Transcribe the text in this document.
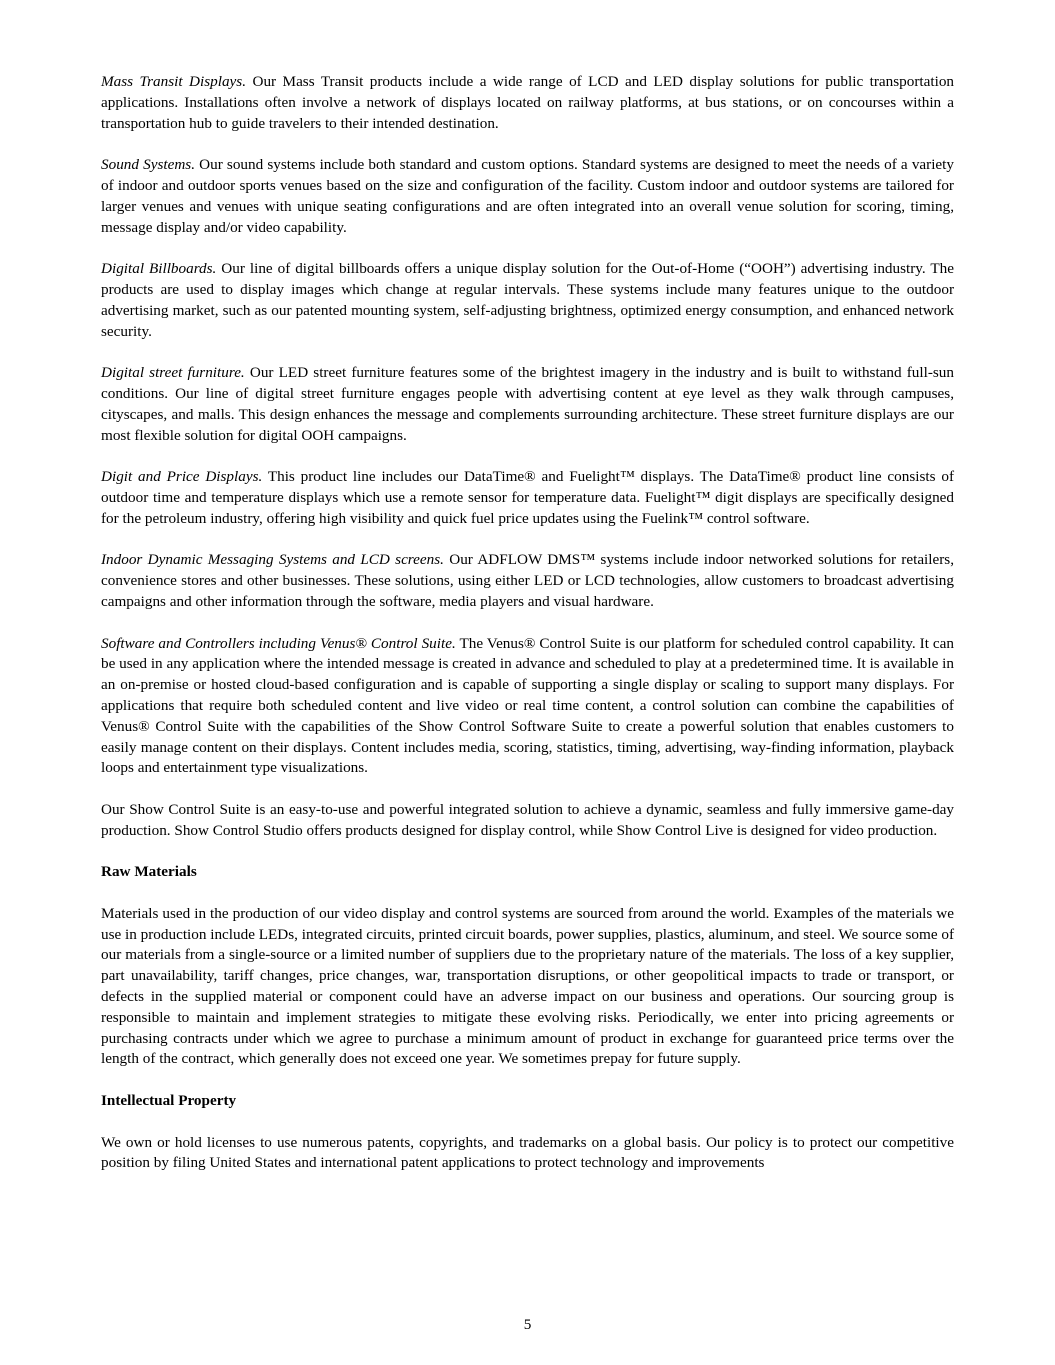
Mass Transit Displays. Our Mass Transit products include a wide range of LCD and LED display solutions for public transportation applications. Installations often involve a network of displays located on railway platforms, at bus stations, or on concourses within a transportation hub to guide travelers to their intended destination.

Sound Systems. Our sound systems include both standard and custom options. Standard systems are designed to meet the needs of a variety of indoor and outdoor sports venues based on the size and configuration of the facility. Custom indoor and outdoor systems are tailored for larger venues and venues with unique seating configurations and are often integrated into an overall venue solution for scoring, timing, message display and/or video capability.

Digital Billboards. Our line of digital billboards offers a unique display solution for the Out-of-Home (“OOH”) advertising industry. The products are used to display images which change at regular intervals. These systems include many features unique to the outdoor advertising market, such as our patented mounting system, self-adjusting brightness, optimized energy consumption, and enhanced network security.

Digital street furniture. Our LED street furniture features some of the brightest imagery in the industry and is built to withstand full-sun conditions. Our line of digital street furniture engages people with advertising content at eye level as they walk through campuses, cityscapes, and malls. This design enhances the message and complements surrounding architecture. These street furniture displays are our most flexible solution for digital OOH campaigns.

Digit and Price Displays. This product line includes our DataTime® and Fuelight™ displays. The DataTime® product line consists of outdoor time and temperature displays which use a remote sensor for temperature data. Fuelight™ digit displays are specifically designed for the petroleum industry, offering high visibility and quick fuel price updates using the Fuelink™ control software.

Indoor Dynamic Messaging Systems and LCD screens. Our ADFLOW DMS™ systems include indoor networked solutions for retailers, convenience stores and other businesses. These solutions, using either LED or LCD technologies, allow customers to broadcast advertising campaigns and other information through the software, media players and visual hardware.

Software and Controllers including Venus® Control Suite. The Venus® Control Suite is our platform for scheduled control capability. It can be used in any application where the intended message is created in advance and scheduled to play at a predetermined time. It is available in an on-premise or hosted cloud-based configuration and is capable of supporting a single display or scaling to support many displays. For applications that require both scheduled content and live video or real time content, a control solution can combine the capabilities of Venus® Control Suite with the capabilities of the Show Control Software Suite to create a powerful solution that enables customers to easily manage content on their displays. Content includes media, scoring, statistics, timing, advertising, way-finding information, playback loops and entertainment type visualizations.

Our Show Control Suite is an easy-to-use and powerful integrated solution to achieve a dynamic, seamless and fully immersive game-day production. Show Control Studio offers products designed for display control, while Show Control Live is designed for video production.

Raw Materials

Materials used in the production of our video display and control systems are sourced from around the world. Examples of the materials we use in production include LEDs, integrated circuits, printed circuit boards, power supplies, plastics, aluminum, and steel. We source some of our materials from a single-source or a limited number of suppliers due to the proprietary nature of the materials. The loss of a key supplier, part unavailability, tariff changes, price changes, war, transportation disruptions, or other geopolitical impacts to trade or transport, or defects in the supplied material or component could have an adverse impact on our business and operations. Our sourcing group is responsible to maintain and implement strategies to mitigate these evolving risks. Periodically, we enter into pricing agreements or purchasing contracts under which we agree to purchase a minimum amount of product in exchange for guaranteed price terms over the length of the contract, which generally does not exceed one year. We sometimes prepay for future supply.

Intellectual Property

We own or hold licenses to use numerous patents, copyrights, and trademarks on a global basis. Our policy is to protect our competitive position by filing United States and international patent applications to protect technology and improvements

5
